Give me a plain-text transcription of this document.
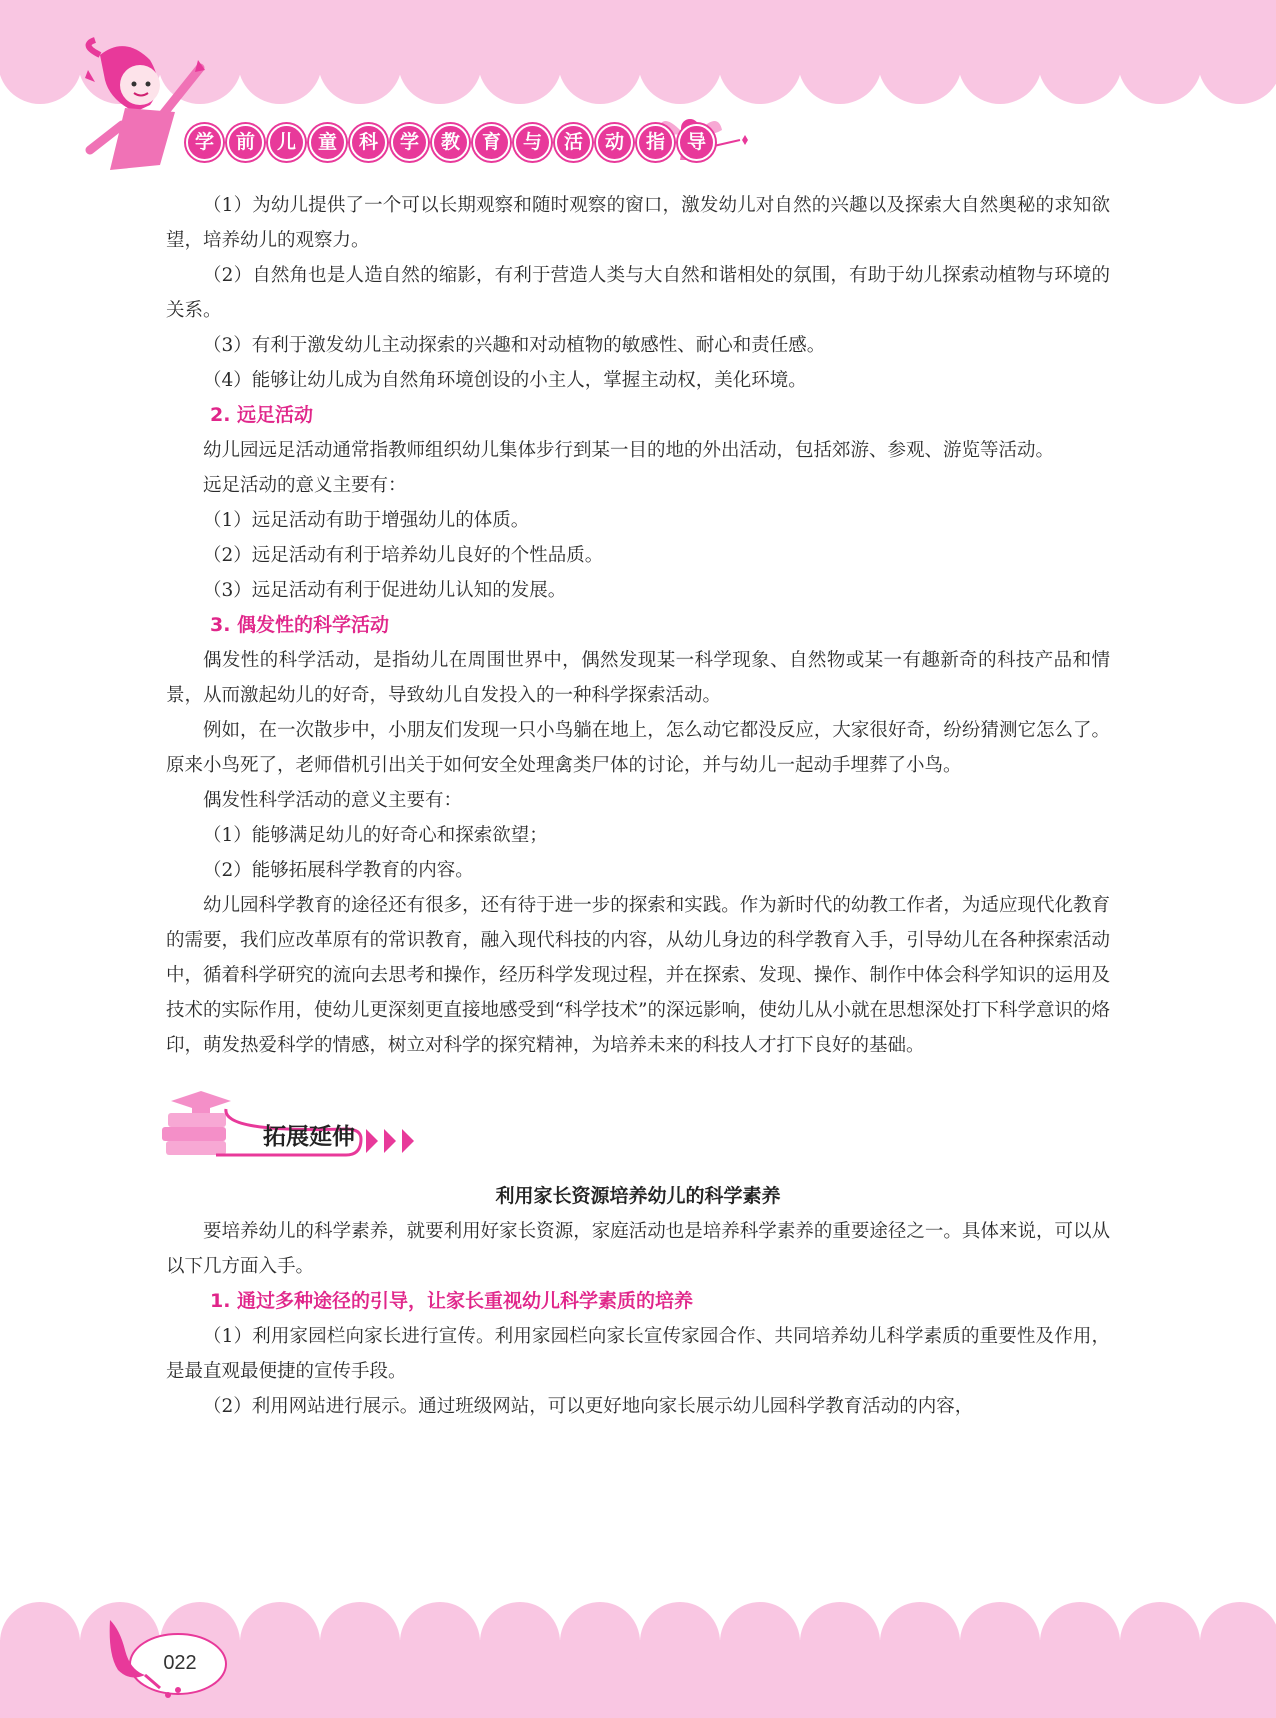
学	前	儿	童	科	学	教	育	与	活	动	指	导

（1）为幼儿提供了一个可以长期观察和随时观察的窗口，激发幼儿对自然的兴趣以及探索大自然奥秘的求知欲望，培养幼儿的观察力。

（2）自然角也是人造自然的缩影，有利于营造人类与大自然和谐相处的氛围，有助于幼儿探索动植物与环境的关系。

（3）有利于激发幼儿主动探索的兴趣和对动植物的敏感性、耐心和责任感。

（4）能够让幼儿成为自然角环境创设的小主人，掌握主动权，美化环境。

2. 远足活动

幼儿园远足活动通常指教师组织幼儿集体步行到某一目的地的外出活动，包括郊游、参观、游览等活动。

远足活动的意义主要有：

（1）远足活动有助于增强幼儿的体质。

（2）远足活动有利于培养幼儿良好的个性品质。

（3）远足活动有利于促进幼儿认知的发展。

3. 偶发性的科学活动

偶发性的科学活动，是指幼儿在周围世界中，偶然发现某一科学现象、自然物或某一有趣新奇的科技产品和情景，从而激起幼儿的好奇，导致幼儿自发投入的一种科学探索活动。

例如，在一次散步中，小朋友们发现一只小鸟躺在地上，怎么动它都没反应，大家很好奇，纷纷猜测它怎么了。原来小鸟死了，老师借机引出关于如何安全处理禽类尸体的讨论，并与幼儿一起动手埋葬了小鸟。

偶发性科学活动的意义主要有：

（1）能够满足幼儿的好奇心和探索欲望；

（2）能够拓展科学教育的内容。

幼儿园科学教育的途径还有很多，还有待于进一步的探索和实践。作为新时代的幼教工作者，为适应现代化教育的需要，我们应改革原有的常识教育，融入现代科技的内容，从幼儿身边的科学教育入手，引导幼儿在各种探索活动中，循着科学研究的流向去思考和操作，经历科学发现过程，并在探索、发现、操作、制作中体会科学知识的运用及技术的实际作用，使幼儿更深刻更直接地感受到“科学技术”的深远影响，使幼儿从小就在思想深处打下科学意识的烙印，萌发热爱科学的情感，树立对科学的探究精神，为培养未来的科技人才打下良好的基础。

拓展延伸
利用家长资源培养幼儿的科学素养

要培养幼儿的科学素养，就要利用好家长资源，家庭活动也是培养科学素养的重要途径之一。具体来说，可以从以下几方面入手。

1. 通过多种途径的引导，让家长重视幼儿科学素质的培养

（1）利用家园栏向家长进行宣传。利用家园栏向家长宣传家园合作、共同培养幼儿科学素质的重要性及作用，是最直观最便捷的宣传手段。

（2）利用网站进行展示。通过班级网站，可以更好地向家长展示幼儿园科学教育活动的内容，

022
